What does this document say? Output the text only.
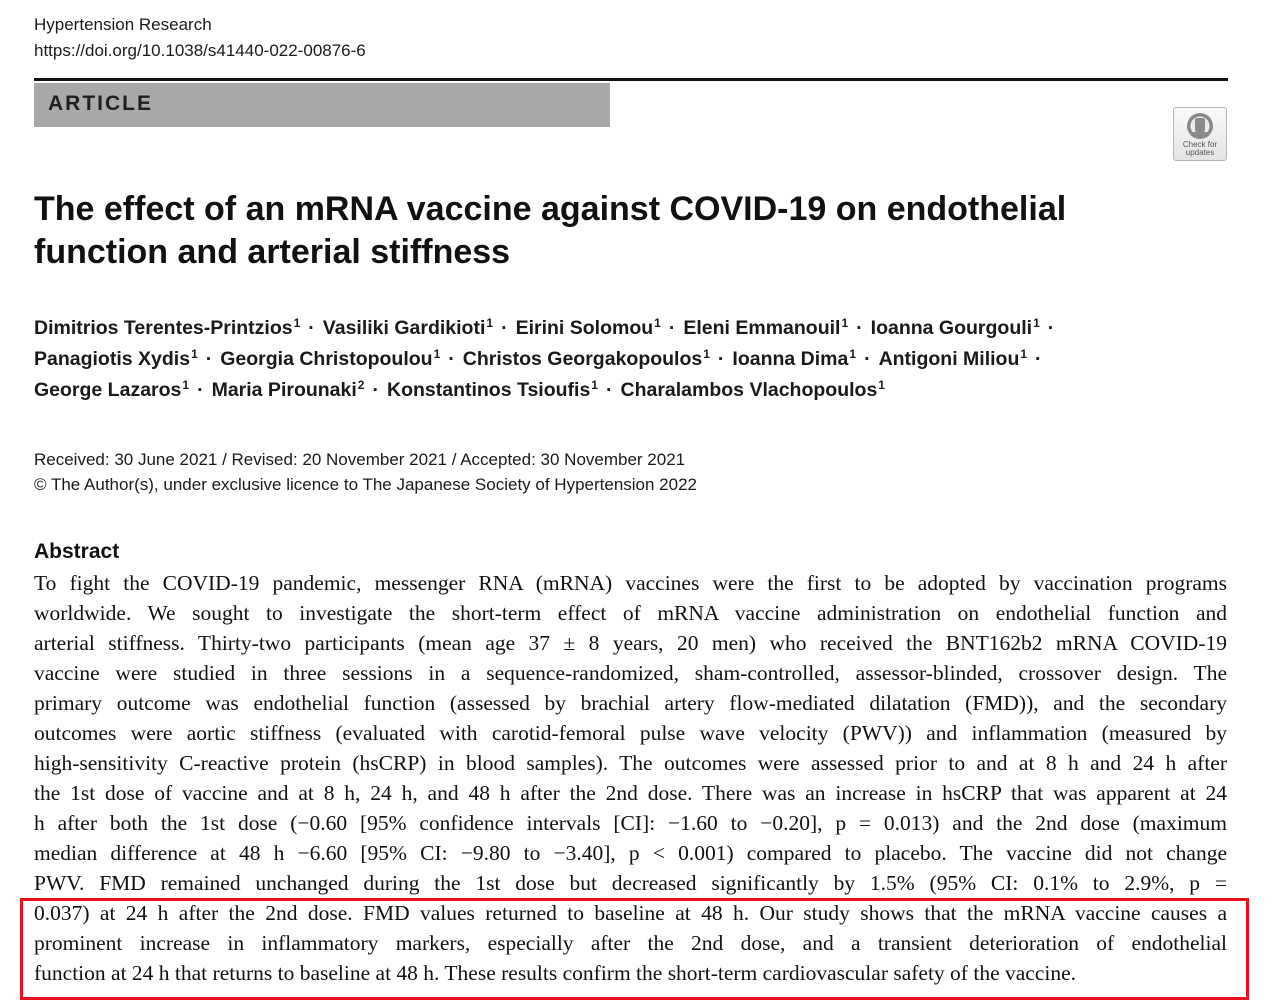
Hypertension Research
https://doi.org/10.1038/s41440-022-00876-6
ARTICLE
Check for
updates
The effect of an mRNA vaccine against COVID-19 on endothelial
function and arterial stiffness
Dimitrios Terentes-Printzios$^1$ · Vasiliki Gardikioti$^1$ · Eirini Solomou$^1$ · Eleni Emmanouil$^1$ · Ioanna Gourgouli$^1$ ·
Panagiotis Xydis$^1$ · Georgia Christopoulou$^1$ · Christos Georgakopoulos$^1$ · Ioanna Dima$^1$ · Antigoni Miliou$^1$ ·
George Lazaros$^1$ · Maria Pirounaki$^2$ · Konstantinos Tsioufis$^1$ · Charalambos Vlachopoulos$^1$
Received: 30 June 2021 / Revised: 20 November 2021 / Accepted: 30 November 2021
© The Author(s), under exclusive licence to The Japanese Society of Hypertension 2022
Abstract
To fight the COVID-19 pandemic, messenger RNA (mRNA) vaccines were the first to be adopted by vaccination programs
worldwide. We sought to investigate the short-term effect of mRNA vaccine administration on endothelial function and
arterial stiffness. Thirty-two participants (mean age 37 ± 8 years, 20 men) who received the BNT162b2 mRNA COVID-19
vaccine were studied in three sessions in a sequence-randomized, sham-controlled, assessor-blinded, crossover design. The
primary outcome was endothelial function (assessed by brachial artery flow-mediated dilatation (FMD)), and the secondary
outcomes were aortic stiffness (evaluated with carotid-femoral pulse wave velocity (PWV)) and inflammation (measured by
high-sensitivity C-reactive protein (hsCRP) in blood samples). The outcomes were assessed prior to and at 8 h and 24 h after
the 1st dose of vaccine and at 8 h, 24 h, and 48 h after the 2nd dose. There was an increase in hsCRP that was apparent at 24
h after both the 1st dose (−0.60 [95% confidence intervals [CI]: −1.60 to −0.20], p = 0.013) and the 2nd dose (maximum
median difference at 48 h −6.60 [95% CI: −9.80 to −3.40], p < 0.001) compared to placebo. The vaccine did not change
PWV. FMD remained unchanged during the 1st dose but decreased significantly by 1.5% (95% CI: 0.1% to 2.9%, p =
0.037) at 24 h after the 2nd dose. FMD values returned to baseline at 48 h. Our study shows that the mRNA vaccine causes a
prominent increase in inflammatory markers, especially after the 2nd dose, and a transient deterioration of endothelial
function at 24 h that returns to baseline at 48 h. These results confirm the short-term cardiovascular safety of the vaccine.
